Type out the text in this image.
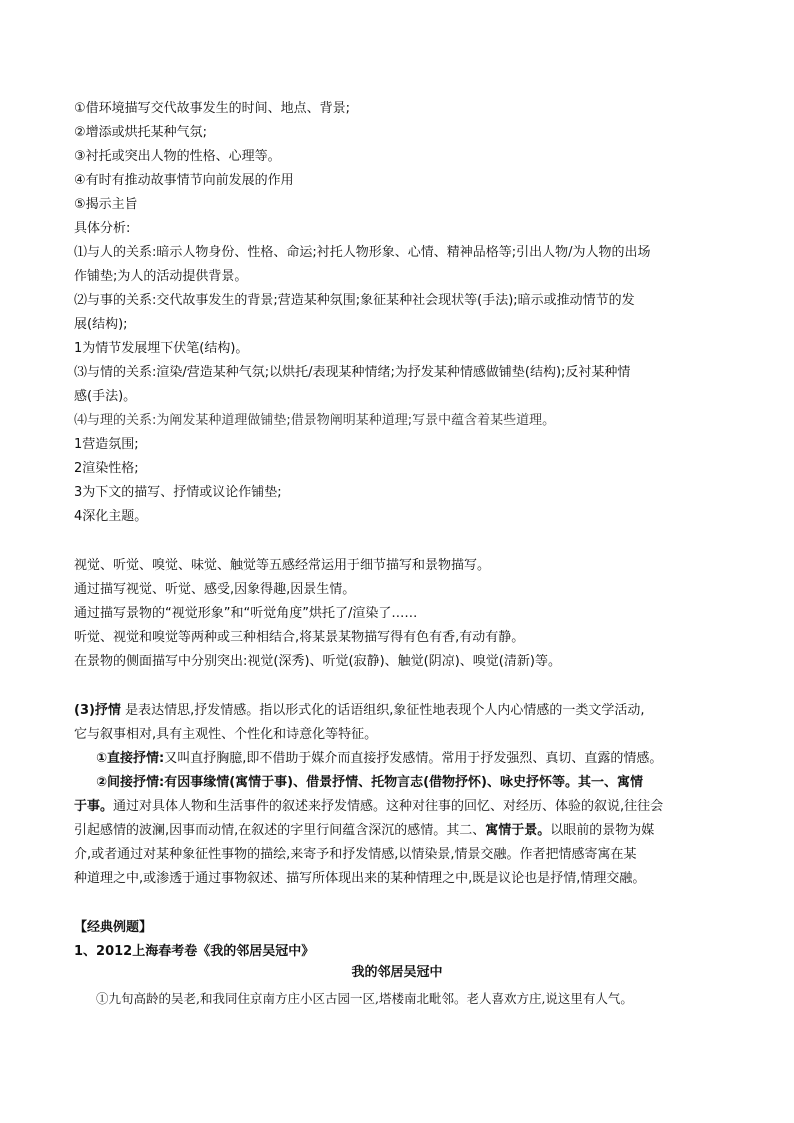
①借环境描写交代故事发生的时间、地点、背景;
②增添或烘托某种气氛;
③衬托或突出人物的性格、心理等。
④有时有推动故事情节向前发展的作用
⑤揭示主旨
具体分析:
⑴与人的关系:暗示人物身份、性格、命运;衬托人物形象、心情、精神品格等;引出人物/为人物的出场
作铺垫;为人的活动提供背景。
⑵与事的关系:交代故事发生的背景;营造某种氛围;象征某种社会现状等(手法);暗示或推动情节的发
展(结构);
1为情节发展埋下伏笔(结构)。
⑶与情的关系:渲染/营造某种气氛;以烘托/表现某种情绪;为抒发某种情感做铺垫(结构);反衬某种情
感(手法)。
⑷与理的关系:为阐发某种道理做铺垫;借景物阐明某种道理;写景中蕴含着某些道理。
1营造氛围;
2渲染性格;
3为下文的描写、抒情或议论作铺垫;
4深化主题。
视觉、听觉、嗅觉、味觉、触觉等五感经常运用于细节描写和景物描写。
通过描写视觉、听觉、感受,因象得趣,因景生情。
通过描写景物的“视觉形象”和“听觉角度”烘托了/渲染了……
听觉、视觉和嗅觉等两种或三种相结合,将某景某物描写得有色有香,有动有静。
在景物的侧面描写中分别突出:视觉(深秀)、听觉(寂静)、触觉(阴凉)、嗅觉(清新)等。
(3)抒情 是表达情思,抒发情感。指以形式化的话语组织,象征性地表现个人内心情感的一类文学活动,
它与叙事相对,具有主观性、个性化和诗意化等特征。
①直接抒情:又叫直抒胸臆,即不借助于媒介而直接抒发感情。常用于抒发强烈、真切、直露的情感。
②间接抒情:有因事缘情(寓情于事)、借景抒情、托物言志(借物抒怀)、咏史抒怀等。其一、寓情
于事。通过对具体人物和生活事件的叙述来抒发情感。这种对往事的回忆、对经历、体验的叙说,往往会
引起感情的波澜,因事而动情,在叙述的字里行间蕴含深沉的感情。其二、寓情于景。以眼前的景物为媒
介,或者通过对某种象征性事物的描绘,来寄予和抒发情感,以情染景,情景交融。作者把情感寄寓在某
种道理之中,或渗透于通过事物叙述、描写所体现出来的某种情理之中,既是议论也是抒情,情理交融。
【经典例题】
1、2012上海春考卷《我的邻居吴冠中》
我的邻居吴冠中
①九旬高龄的吴老,和我同住京南方庄小区古园一区,塔楼南北毗邻。老人喜欢方庄,说这里有人气。
